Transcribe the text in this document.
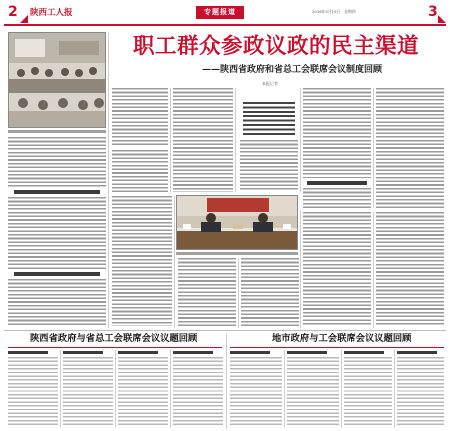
2 陕西工人报	专题报道	2016年5月19日　星期四	3
职工群众参政议政的民主渠道
——陕西省政府和省总工会联席会议制度回顾
本报记者
陕西省政府与省总工会联席会议议题回顾	地市政府与工会联席会议议题回顾
